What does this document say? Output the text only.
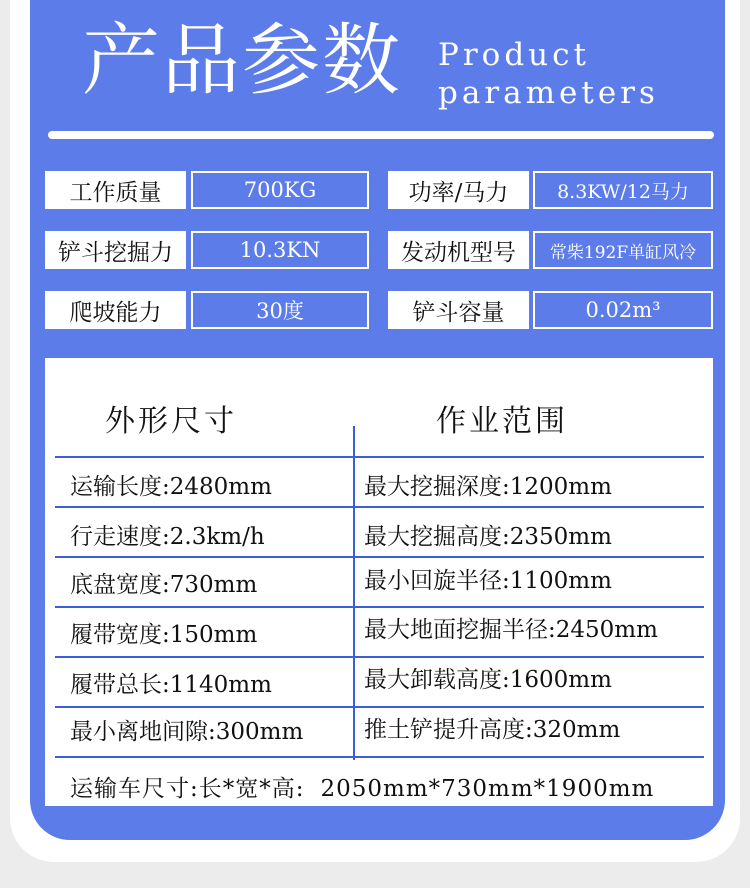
产品参数 Product
parameters
工作质量	700KG	功率/马力	8.3KW/12马力
铲斗挖掘力	10.3KN	发动机型号	常柴192F单缸风冷
爬坡能力	30度	铲斗容量	0.02m³
外形尺寸	作业范围
运输长度:2480mm	最大挖掘深度:1200mm
行走速度:2.3km/h	最大挖掘高度:2350mm
底盘宽度:730mm	最小回旋半径:1100mm
履带宽度:150mm	最大地面挖掘半径:2450mm
履带总长:1140mm	最大卸载高度:1600mm
最小离地间隙:300mm	推土铲提升高度:320mm
运输车尺寸:长*宽*高: 2050mm*730mm*1900mm
